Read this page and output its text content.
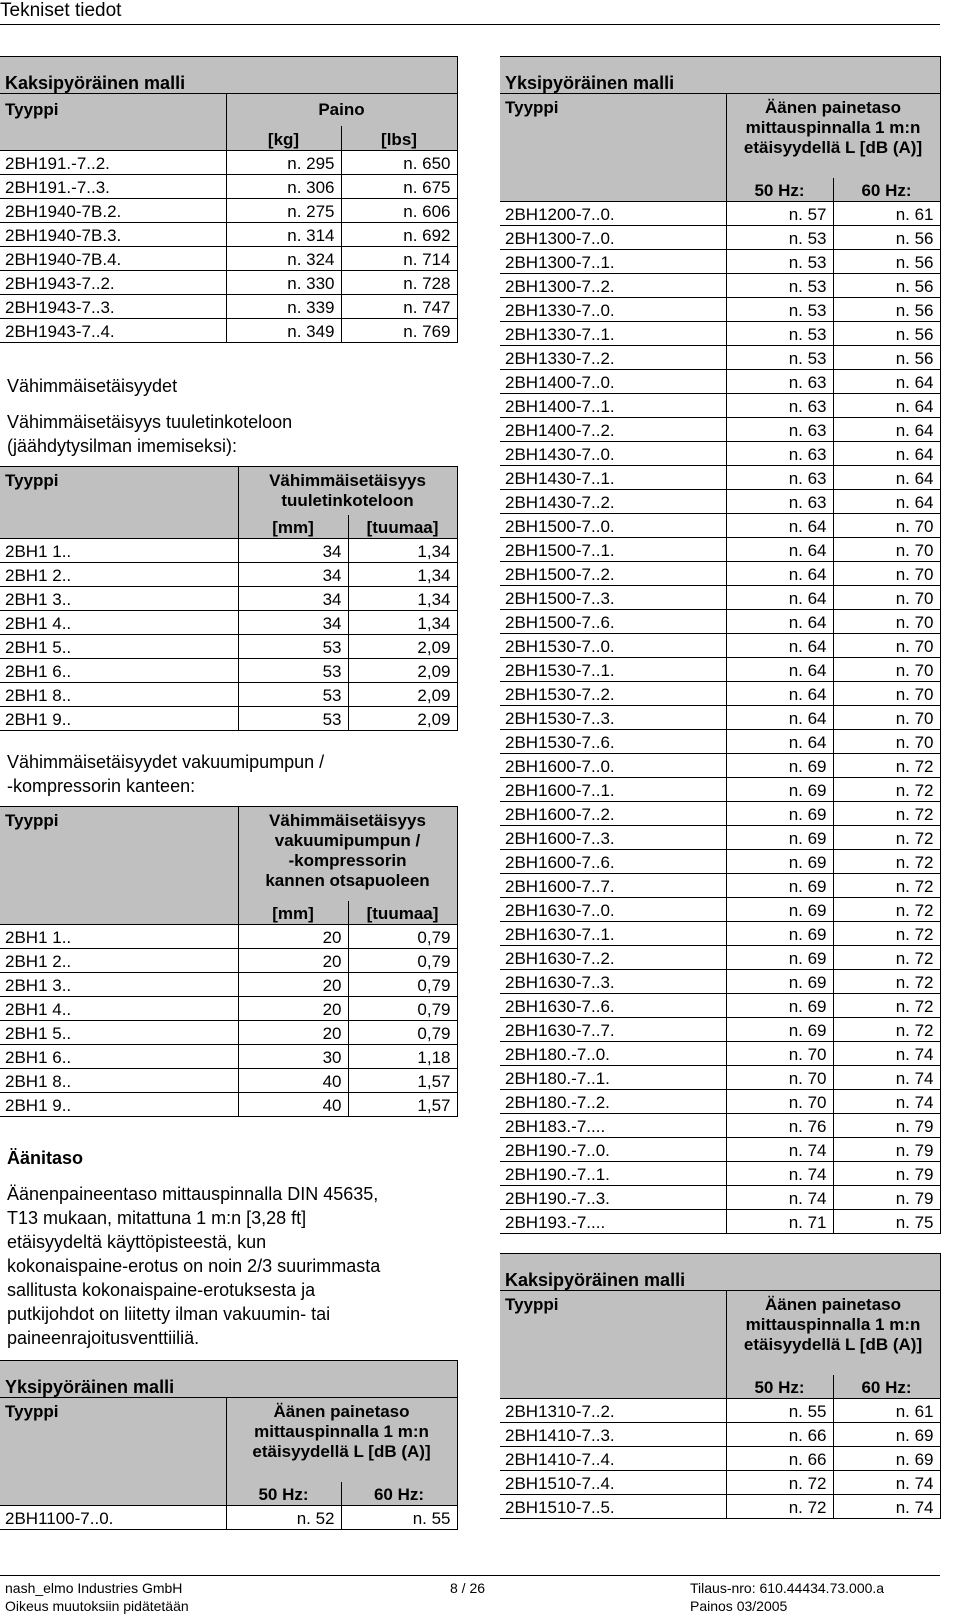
Tekniset tiedot
Kaksipyöräinen malli		
Tyyppi	Paino	
	[kg]	[lbs]
2BH191.-7..2.	n. 295	n. 650
2BH191.-7..3.	n. 306	n. 675
2BH1940-7B.2.	n. 275	n. 606
2BH1940-7B.3.	n. 314	n. 692
2BH1940-7B.4.	n. 324	n. 714
2BH1943-7..2.	n. 330	n. 728
2BH1943-7..3.	n. 339	n. 747
2BH1943-7..4.	n. 349	n. 769
Vähimmäisetäisyydet
Vähimmäisetäisyys tuuletinkoteloon
(jäähdytysilman imemiseksi):
Tyyppi	Vähimmäisetäisyys
tuuletinkoteloon	

	[mm]	[tuumaa]
2BH1 1..	34	1,34
2BH1 2..	34	1,34
2BH1 3..	34	1,34
2BH1 4..	34	1,34
2BH1 5..	53	2,09
2BH1 6..	53	2,09
2BH1 8..	53	2,09
2BH1 9..	53	2,09
Vähimmäisetäisyydet vakuumipumpun /
-kompressorin kanteen:
Tyyppi	Vähimmäisetäisyys
vakuumipumpun /
-kompressorin
kannen otsapuoleen	

	[mm]	[tuumaa]
2BH1 1..	20	0,79
2BH1 2..	20	0,79
2BH1 3..	20	0,79
2BH1 4..	20	0,79
2BH1 5..	20	0,79
2BH1 6..	30	1,18
2BH1 8..	40	1,57
2BH1 9..	40	1,57
Äänitaso
Äänenpaineentaso mittauspinnalla DIN 45635,
T13 mukaan, mitattuna 1 m:n [3,28 ft]
etäisyydeltä käyttöpisteestä, kun
kokonaispaine-erotus on noin 2/3 suurimmasta
sallitusta kokonaispaine-erotuksesta ja
putkijohdot on liitetty ilman vakuumin- tai
paineenrajoitusventtiiliä.
Yksipyöräinen malli		
Tyyppi	Äänen painetaso
mittauspinnalla 1 m:n
etäisyydellä L [dB (A)]	

	50 Hz:	60 Hz:
2BH1100-7..0.	n. 52	n. 55
Yksipyöräinen malli		
Tyyppi	Äänen painetaso
mittauspinnalla 1 m:n
etäisyydellä L [dB (A)]	

	50 Hz:	60 Hz:
2BH1200-7..0.	n. 57	n. 61
2BH1300-7..0.	n. 53	n. 56
2BH1300-7..1.	n. 53	n. 56
2BH1300-7..2.	n. 53	n. 56
2BH1330-7..0.	n. 53	n. 56
2BH1330-7..1.	n. 53	n. 56
2BH1330-7..2.	n. 53	n. 56
2BH1400-7..0.	n. 63	n. 64
2BH1400-7..1.	n. 63	n. 64
2BH1400-7..2.	n. 63	n. 64
2BH1430-7..0.	n. 63	n. 64
2BH1430-7..1.	n. 63	n. 64
2BH1430-7..2.	n. 63	n. 64
2BH1500-7..0.	n. 64	n. 70
2BH1500-7..1.	n. 64	n. 70
2BH1500-7..2.	n. 64	n. 70
2BH1500-7..3.	n. 64	n. 70
2BH1500-7..6.	n. 64	n. 70
2BH1530-7..0.	n. 64	n. 70
2BH1530-7..1.	n. 64	n. 70
2BH1530-7..2.	n. 64	n. 70
2BH1530-7..3.	n. 64	n. 70
2BH1530-7..6.	n. 64	n. 70
2BH1600-7..0.	n. 69	n. 72
2BH1600-7..1.	n. 69	n. 72
2BH1600-7..2.	n. 69	n. 72
2BH1600-7..3.	n. 69	n. 72
2BH1600-7..6.	n. 69	n. 72
2BH1600-7..7.	n. 69	n. 72
2BH1630-7..0.	n. 69	n. 72
2BH1630-7..1.	n. 69	n. 72
2BH1630-7..2.	n. 69	n. 72
2BH1630-7..3.	n. 69	n. 72
2BH1630-7..6.	n. 69	n. 72
2BH1630-7..7.	n. 69	n. 72
2BH180.-7..0.	n. 70	n. 74
2BH180.-7..1.	n. 70	n. 74
2BH180.-7..2.	n. 70	n. 74
2BH183.-7....	n. 76	n. 79
2BH190.-7..0.	n. 74	n. 79
2BH190.-7..1.	n. 74	n. 79
2BH190.-7..3.	n. 74	n. 79
2BH193.-7....	n. 71	n. 75
Kaksipyöräinen malli		
Tyyppi	Äänen painetaso
mittauspinnalla 1 m:n
etäisyydellä L [dB (A)]	

	50 Hz:	60 Hz:
2BH1310-7..2.	n. 55	n. 61
2BH1410-7..3.	n. 66	n. 69
2BH1410-7..4.	n. 66	n. 69
2BH1510-7..4.	n. 72	n. 74
2BH1510-7..5.	n. 72	n. 74
nash_elmo Industries GmbH
Oikeus muutoksiin pidätetään
8 / 26	Tilaus-nro: 610.44434.73.000.a
Painos 03/2005
